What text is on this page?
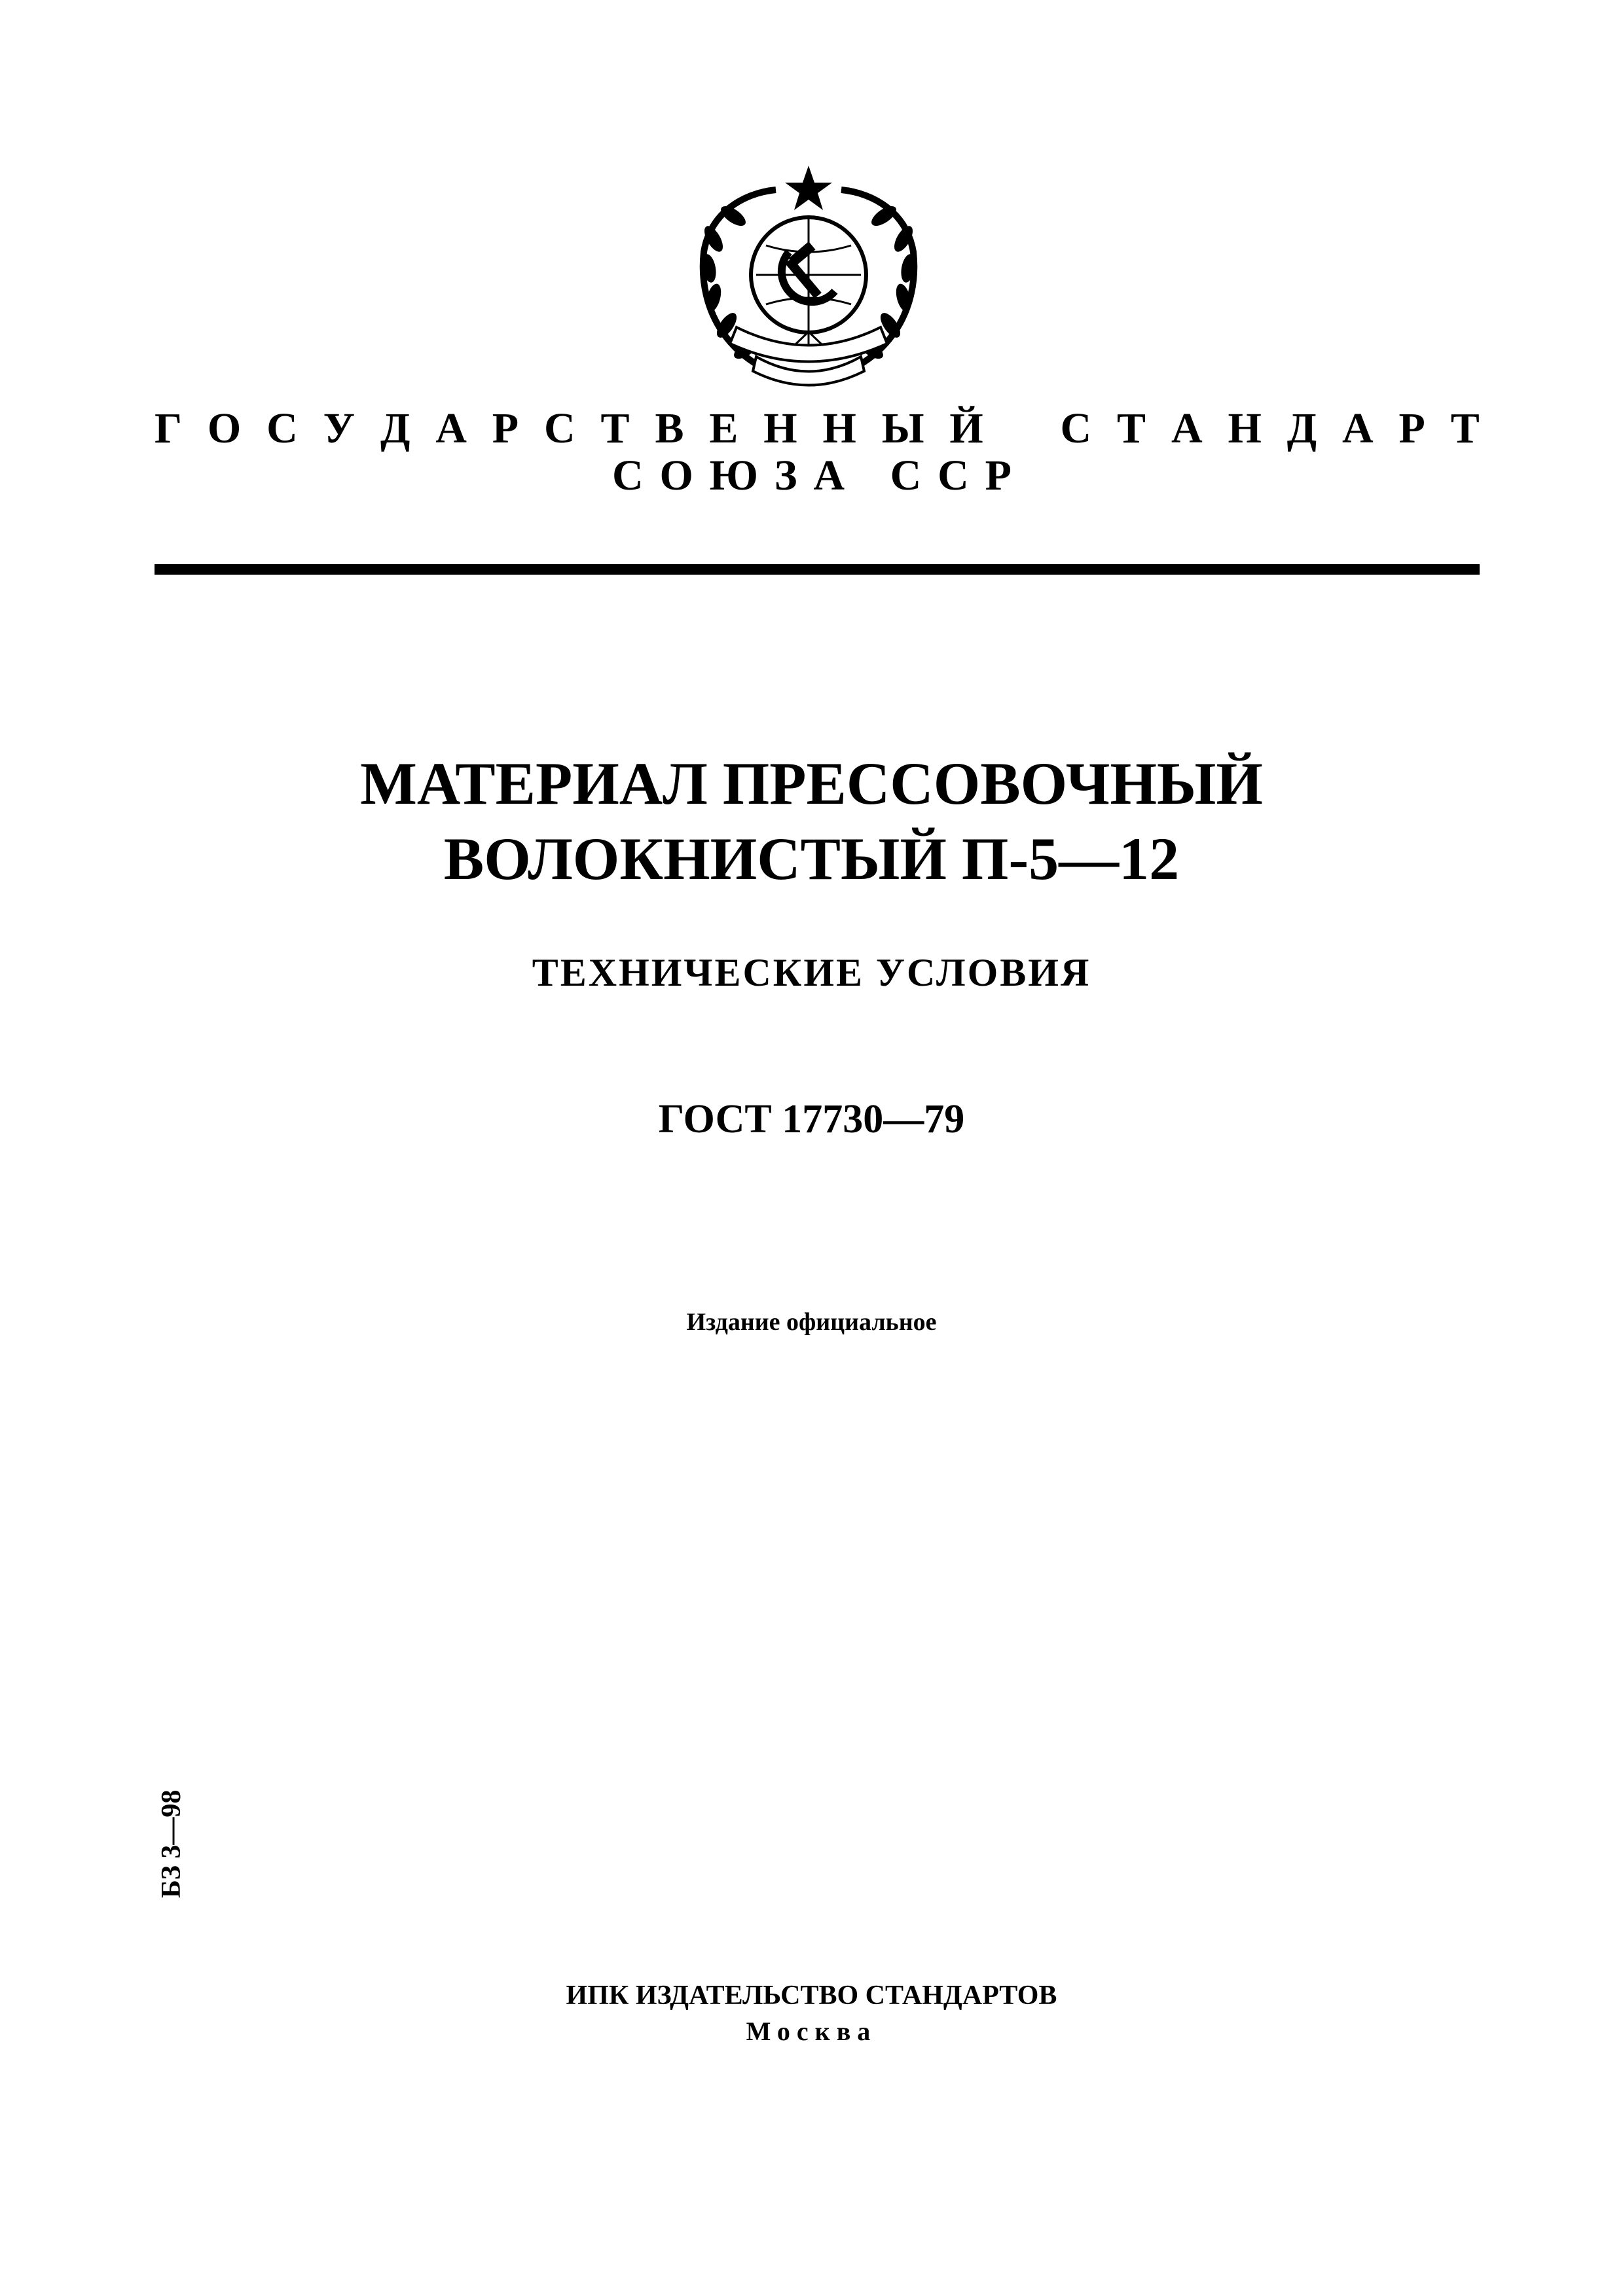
Г О С У Д А Р С Т В Е Н Н Ы Й С Т А Н Д А Р Т
С О Ю З А С С Р
МАТЕРИАЛ ПРЕССОВОЧНЫЙ
ВОЛОКНИСТЫЙ П-5—12
ТЕХНИЧЕСКИЕ УСЛОВИЯ
ГОСТ 17730—79
Издание официальное
БЗ 3—98
ИПК ИЗДАТЕЛЬСТВО СТАНДАРТОВ
Москва
